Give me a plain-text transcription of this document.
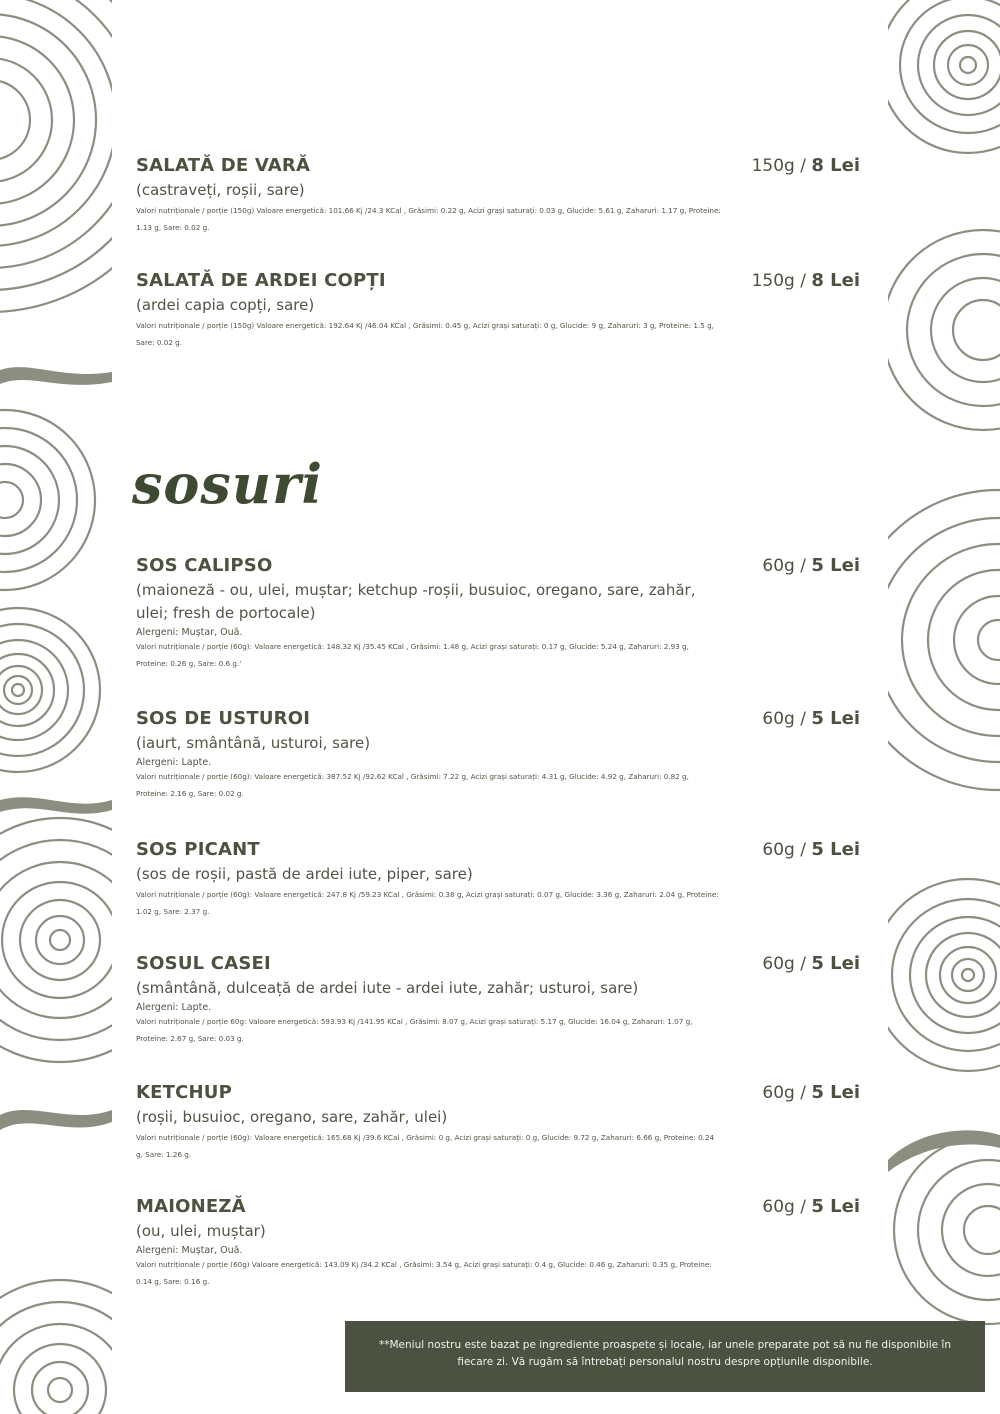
SALATĂ DE VARĂ	150g / 8 Lei
(castraveți, roșii, sare)
Valori nutriționale / porție (150g) Valoare energetică: 101.66 Kj /24.3 KCal , Grăsimi: 0.22 g, Acizi grași saturați: 0.03 g, Glucide: 5.61 g, Zaharuri: 1.17 g, Proteine: 1.13 g, Sare: 0.02 g.
SALATĂ DE ARDEI COPȚI	150g / 8 Lei
(ardei capia copți, sare)
Valori nutriționale / porție (150g) Valoare energetică: 192.64 Kj /46.04 KCal , Grăsimi: 0.45 g, Acizi grași saturați: 0 g, Glucide: 9 g, Zaharuri: 3 g, Proteine: 1.5 g, Sare: 0.02 g.
sosuri
SOS CALIPSO	60g / 5 Lei
(maioneză - ou, ulei, muștar; ketchup -roșii, busuioc, oregano, sare, zahăr, ulei; fresh de portocale)
Alergeni: Muștar, Ouă.
Valori nutriționale / porție (60g): Valoare energetică: 148.32 Kj /35.45 KCal , Grăsimi: 1.48 g, Acizi grași saturați: 0.17 g, Glucide: 5.24 g, Zaharuri: 2.93 g, Proteine: 0.26 g, Sare: 0.6 g.'
SOS DE USTUROI	60g / 5 Lei
(iaurt, smântână, usturoi, sare)
Alergeni: Lapte.
Valori nutriționale / porție (60g): Valoare energetică: 387.52 Kj /92.62 KCal , Grăsimi: 7.22 g, Acizi grași saturați: 4.31 g, Glucide: 4.92 g, Zaharuri: 0.82 g, Proteine: 2.16 g, Sare: 0.02 g.
SOS PICANT	60g / 5 Lei
(sos de roșii, pastă de ardei iute, piper, sare)
Valori nutriționale / porție (60g): Valoare energetică: 247.8 Kj /59.23 KCal , Grăsimi: 0.38 g, Acizi grași saturați: 0.07 g, Glucide: 3.36 g, Zaharuri: 2.04 g, Proteine: 1.02 g, Sare: 2.37 g.
SOSUL CASEI	60g / 5 Lei
(smântână, dulceață de ardei iute - ardei iute, zahăr; usturoi, sare)
Alergeni: Lapte.
Valori nutriționale / porție 60g: Valoare energetică: 593.93 Kj /141.95 KCal , Grăsimi: 8.07 g, Acizi grași saturați: 5.17 g, Glucide: 16.04 g, Zaharuri: 1.07 g, Proteine: 2.67 g, Sare: 0.03 g.
KETCHUP	60g / 5 Lei
(roșii, busuioc, oregano, sare, zahăr, ulei)
Valori nutriționale / porție (60g): Valoare energetică: 165.68 Kj /39.6 KCal , Grăsimi: 0 g, Acizi grași saturați: 0 g, Glucide: 9.72 g, Zaharuri: 6.66 g, Proteine: 0.24 g, Sare: 1.26 g.
MAIONEZĂ	60g / 5 Lei
(ou, ulei, muștar)
Alergeni: Muștar, Ouă.
Valori nutriționale / porție (60g) Valoare energetică: 143.09 Kj /34.2 KCal , Grăsimi: 3.54 g, Acizi grași saturați: 0.4 g, Glucide: 0.46 g, Zaharuri: 0.35 g, Proteine: 0.14 g, Sare: 0.16 g.
**Meniul nostru este bazat pe ingrediente proaspete și locale, iar unele preparate pot să nu fie disponibile în fiecare zi. Vă rugăm să întrebați personalul nostru despre opțiunile disponibile.
